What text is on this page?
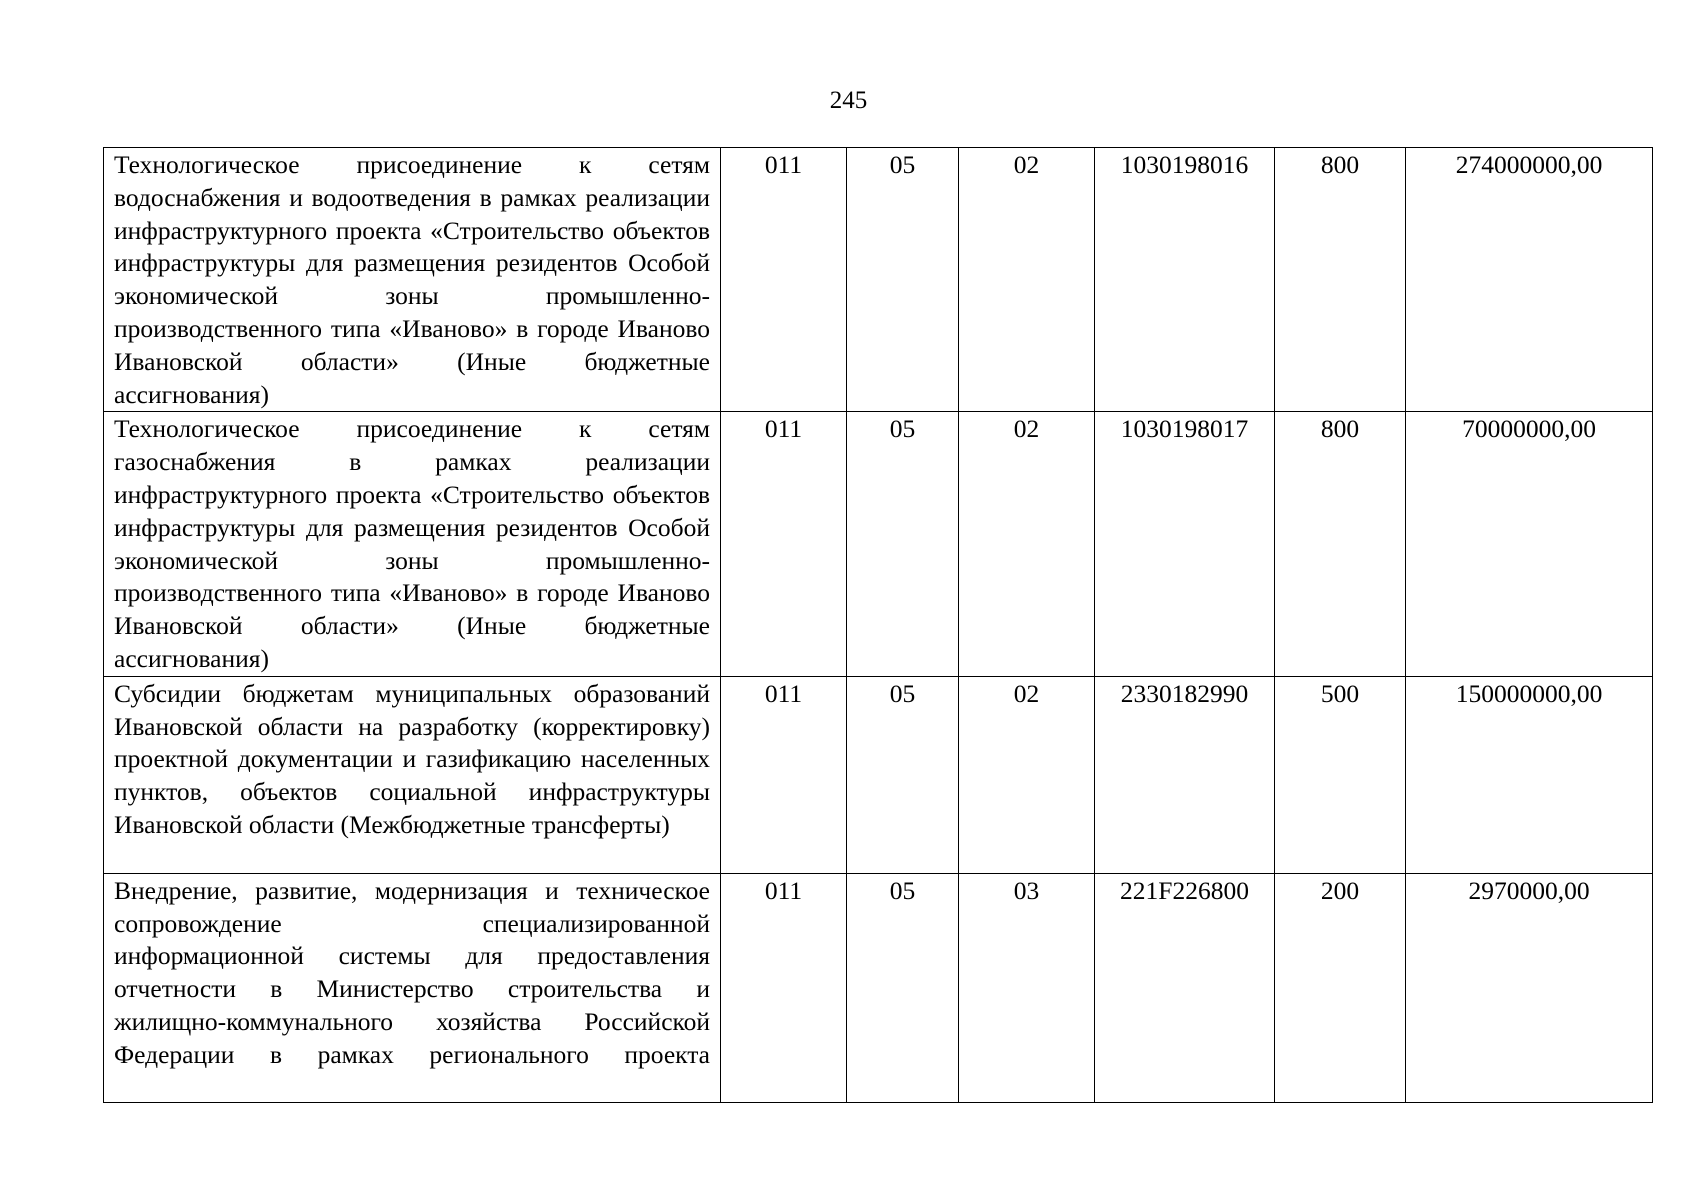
245
Технологическое присоединение к сетям водоснабжения и водоотведения в рамках реализации инфраструктурного проекта «Строительство объектов инфраструктуры для размещения резидентов Особой экономической зоны промышленно-производственного типа «Иваново» в городе Иваново Ивановской области» (Иные бюджетные ассигнования)	011	05	02	1030198016	800	274000000,00
Технологическое присоединение к сетям газоснабжения в рамках реализации инфраструктурного проекта «Строительство объектов инфраструктуры для размещения резидентов Особой экономической зоны промышленно-производственного типа «Иваново» в городе Иваново Ивановской области» (Иные бюджетные ассигнования)	011	05	02	1030198017	800	70000000,00
Субсидии бюджетам муниципальных образований Ивановской области на разработку (корректировку) проектной документации и газификацию населенных пунктов, объектов социальной инфраструктуры Ивановской области (Межбюджетные трансферты)	011	05	02	2330182990	500	150000000,00
Внедрение, развитие, модернизация и техническое сопровождение специализированной информационной системы для предоставления отчетности в Министерство строительства и жилищно-коммунального хозяйства Российской Федерации в рамках регионального проекта	011	05	03	221F226800	200	2970000,00
